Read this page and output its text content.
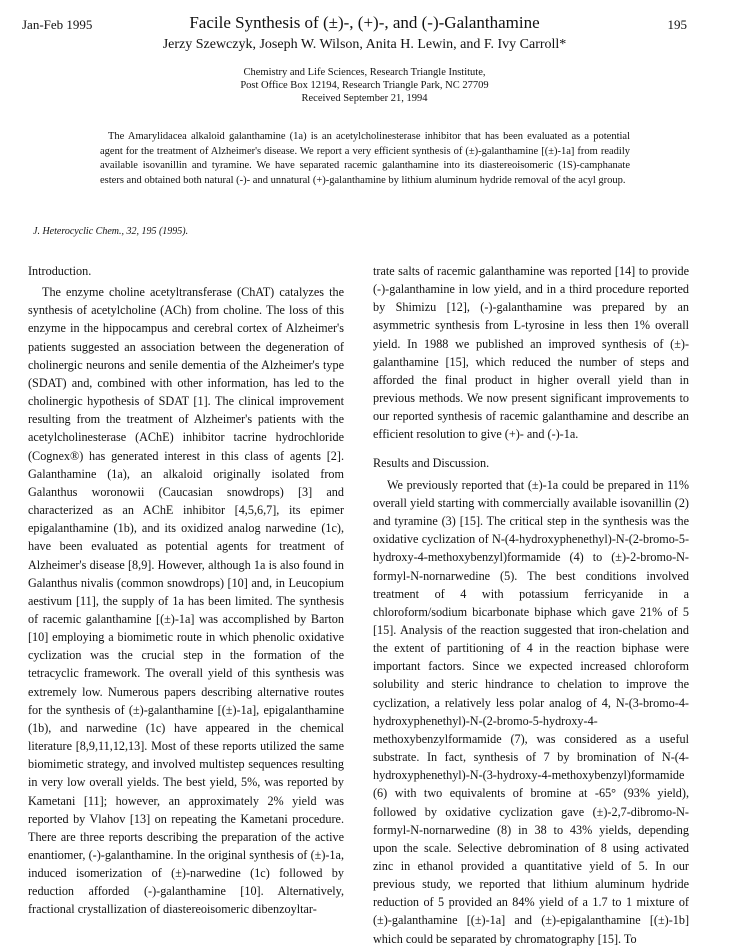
Jan-Feb 1995	Facile Synthesis of (±)-, (+)-, and (-)-Galanthamine	195
Jerzy Szewczyk, Joseph W. Wilson, Anita H. Lewin, and F. Ivy Carroll*
Chemistry and Life Sciences, Research Triangle Institute,
Post Office Box 12194, Research Triangle Park, NC 27709
Received September 21, 1994
The Amarylidacea alkaloid galanthamine (1a) is an acetylcholinesterase inhibitor that has been evaluated as a potential agent for the treatment of Alzheimer's disease. We report a very efficient synthesis of (±)-galanthamine [(±)-1a] from readily available isovanillin and tyramine. We have separated racemic galanthamine into its diastereoisomeric (1S)-camphanate esters and obtained both natural (-)- and unnatural (+)-galanthamine by lithium aluminum hydride removal of the acyl group.
J. Heterocyclic Chem., 32, 195 (1995).
Introduction.

The enzyme choline acetyltransferase (ChAT) catalyzes the synthesis of acetylcholine (ACh) from choline. The loss of this enzyme in the hippocampus and cerebral cortex of Alzheimer's patients suggested an association between the degeneration of cholinergic neurons and senile dementia of the Alzheimer's type (SDAT) and, combined with other information, has led to the cholinergic hypothesis of SDAT [1]. The clinical improvement resulting from the treatment of Alzheimer's patients with the acetylcholinesterase (AChE) inhibitor tacrine hydrochloride (Cognex®) has generated interest in this class of agents [2]. Galanthamine (1a), an alkaloid originally isolated from Galanthus woronowii (Caucasian snowdrops) [3] and characterized as an AChE inhibitor [4,5,6,7], its epimer epigalanthamine (1b), and its oxidized analog narwedine (1c), have been evaluated as potential agents for treatment of Alzheimer's disease [8,9]. However, although 1a is also found in Galanthus nivalis (common snowdrops) [10] and, in Leucopium aestivum [11], the supply of 1a has been limited. The synthesis of racemic galanthamine [(±)-1a] was accomplished by Barton [10] employing a biomimetic route in which phenolic oxidative cyclization was the crucial step in the formation of the tetracyclic framework. The overall yield of this synthesis was extremely low. Numerous papers describing alternative routes for the synthesis of (±)-galanthamine [(±)-1a], epigalanthamine (1b), and narwedine (1c) have appeared in the chemical literature [8,9,11,12,13]. Most of these reports utilized the same biomimetic strategy, and involved multistep sequences resulting in very low overall yields. The best yield, 5%, was reported by Kametani [11]; however, an approximately 2% yield was reported by Vlahov [13] on repeating the Kametani procedure. There are three reports describing the preparation of the active enantiomer, (-)-galanthamine. In the original synthesis of (±)-1a, induced isomerization of (±)-narwedine (1c) followed by reduction afforded (-)-galanthamine [10]. Alternatively, fractional crystallization of diastereoisomeric dibenzoyltar-

trate salts of racemic galanthamine was reported [14] to provide (-)-galanthamine in low yield, and in a third procedure reported by Shimizu [12], (-)-galanthamine was prepared by an asymmetric synthesis from L-tyrosine in less then 1% overall yield. In 1988 we published an improved synthesis of (±)-galanthamine [15], which reduced the number of steps and afforded the final product in higher overall yield than in previous methods. We now present significant improvements to our reported synthesis of racemic galanthamine and describe an efficient resolution to give (+)- and (-)-1a.

Results and Discussion.

We previously reported that (±)-1a could be prepared in 11% overall yield starting with commercially available isovanillin (2) and tyramine (3) [15]. The critical step in the synthesis was the oxidative cyclization of N-(4-hydroxyphenethyl)-N-(2-bromo-5-hydroxy-4-methoxybenzyl)formamide (4) to (±)-2-bromo-N-formyl-N-nornarwedine (5). The best conditions involved treatment of 4 with potassium ferricyanide in a chloroform/sodium bicarbonate biphase which gave 21% of 5 [15]. Analysis of the reaction suggested that iron-chelation and the extent of partitioning of 4 in the reaction biphase were important factors. Since we expected increased chloroform solubility and steric hindrance to chelation to improve the cyclization, a relatively less polar analog of 4, N-(3-bromo-4-hydroxyphenethyl)-N-(2-bromo-5-hydroxy-4-methoxybenzylformamide (7), was considered as a useful substrate. In fact, synthesis of 7 by bromination of N-(4-hydroxyphenethyl)-N-(3-hydroxy-4-methoxybenzyl)formamide (6) with two equivalents of bromine at -65° (93% yield), followed by oxidative cyclization gave (±)-2,7-dibromo-N-formyl-N-nornarwedine (8) in 38 to 43% yields, depending upon the scale. Selective debromination of 8 using activated zinc in ethanol provided a quantitative yield of 5. In our previous study, we reported that lithium aluminum hydride reduction of 5 provided an 84% yield of a 1.7 to 1 mixture of (±)-galanthamine [(±)-1a] and (±)-epigalanthamine [(±)-1b] which could be separated by chromatography [15]. To
